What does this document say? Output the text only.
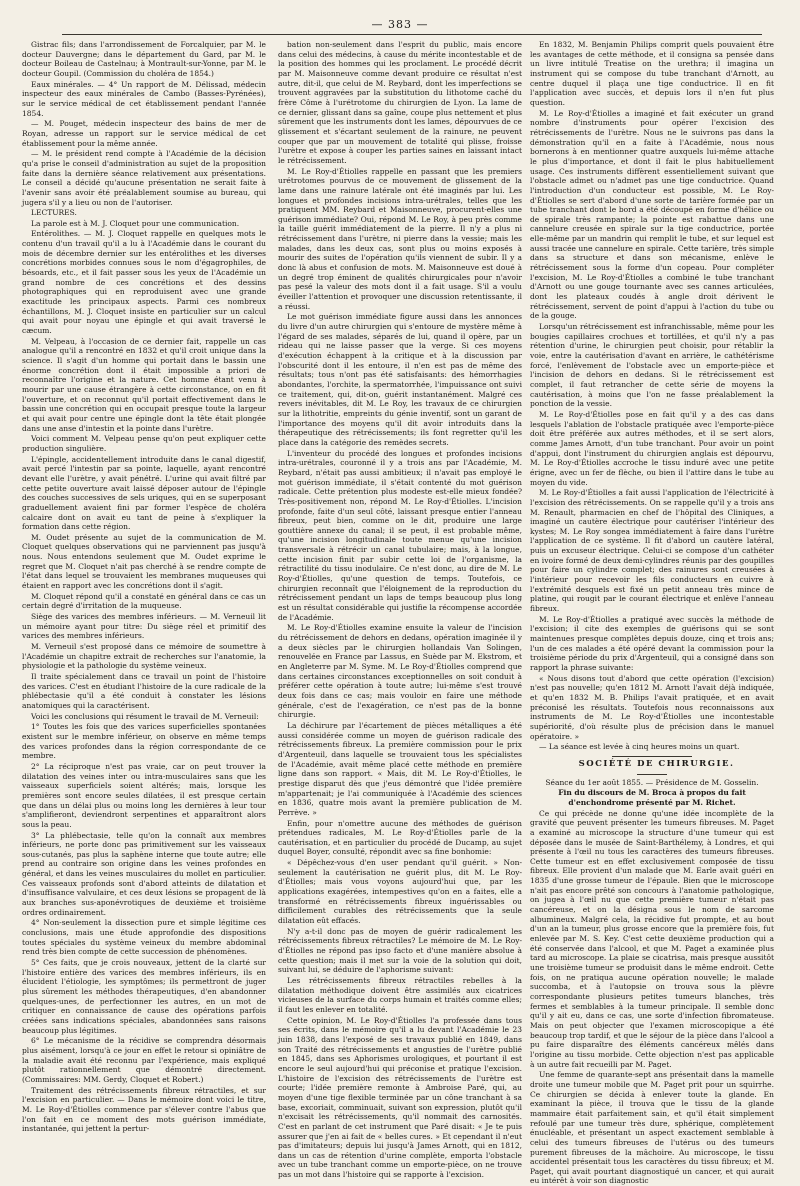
— 383 —

Gistrac fils; dans l'arrondissement de Forcalquier, par M. le docteur Dauvergne; dans le département du Gard, par M. le docteur Boileau de Castelnau; à Montrault-sur-Yonne, par M. le docteur Goupil. (Commission du choléra de 1854.)

Eaux minérales. — 4° Un rapport de M. Délissad, médecin inspecteur des eaux minérales de Cambo (Basses-Pyrénées), sur le service médical de cet établissement pendant l'année 1854.

— M. Pouget, médecin inspecteur des bains de mer de Royan, adresse un rapport sur le service médical de cet établissement pour la même année.

— M. le président rend compte à l'Académie de la décision qu'a prise le conseil d'administration au sujet de la proposition faite dans la dernière séance relativement aux présentations. Le conseil a décidé qu'aucune présentation ne serait faite à l'avenir sans avoir été préalablement soumise au bureau, qui jugera s'il y a lieu ou non de l'autoriser.

LECTURES.

La parole est à M. J. Cloquet pour une communication.

Entérolithes. — M. J. Cloquet rappelle en quelques mots le contenu d'un travail qu'il a lu à l'Académie dans le courant du mois de décembre dernier sur les entérolithes et les diverses concrétions morbides connues sous le nom d'égagrophiles, de bésoards, etc., et il fait passer sous les yeux de l'Académie un grand nombre de ces concrétions et des dessins photographiques qui en reproduisent avec une grande exactitude les principaux aspects. Parmi ces nombreux échantillons, M. J. Cloquet insiste en particulier sur un calcul qui avait pour noyau une épingle et qui avait traversé le cæcum.

M. Velpeau, à l'occasion de ce dernier fait, rappelle un cas analogue qu'il a rencontré en 1832 et qu'il croit unique dans la science. Il s'agit d'un homme qui portait dans le bassin une énorme concrétion dont il était impossible a priori de reconnaître l'origine et la nature. Cet homme étant venu à mourir par une cause étrangère à cette circonstance, on en fit l'ouverture, et on reconnut qu'il portait effectivement dans le bassin une concrétion qui en occupait presque toute la largeur et qui avait pour centre une épingle dont la tête était plongée dans une anse d'intestin et la pointe dans l'urètre.

Voici comment M. Velpeau pense qu'on peut expliquer cette production singulière.

L'épingle, accidentellement introduite dans le canal digestif, avait percé l'intestin par sa pointe, laquelle, ayant rencontré devant elle l'urètre, y avait pénétré. L'urine qui avait filtré par cette petite ouverture avait laissé déposer autour de l'épingle des couches successives de sels uriques, qui en se superposant graduellement avaient fini par former l'espèce de choléra calcaire dont on avait eu tant de peine à s'expliquer la formation dans cette région.

M. Oudet présente au sujet de la communication de M. Cloquet quelques observations qui ne parviennent pas jusqu'à nous. Nous entendons seulement que M. Oudet exprime le regret que M. Cloquet n'ait pas cherché à se rendre compte de l'état dans lequel se trouvaient les membranes muqueuses qui étaient en rapport avec les concrétions dont il s'agit.

M. Cloquet répond qu'il a constaté en général dans ce cas un certain degré d'irritation de la muqueuse.

Siège des varices des membres inférieurs. — M. Verneuil lit un mémoire ayant pour titre: Du siège réel et primitif des varices des membres inférieurs.

M. Verneuil s'est proposé dans ce mémoire de soumettre à l'Académie un chapitre extrait de recherches sur l'anatomie, la physiologie et la pathologie du système veineux.

Il traite spécialement dans ce travail un point de l'histoire des varices. C'est en étudiant l'histoire de la cure radicale de la phlébectasie qu'il a été conduit à constater les lésions anatomiques qui la caractérisent.

Voici les conclusions qui résument le travail de M. Verneuil:

1° Toutes les fois que des varices superficielles spontanées existent sur le membre inférieur, on observe en même temps des varices profondes dans la région correspondante de ce membre.

2° La réciproque n'est pas vraie, car on peut trouver la dilatation des veines inter ou intra-musculaires sans que les vaisseaux superficiels soient altérés; mais, lorsque les premières sont encore seules dilatées, il est presque certain que dans un délai plus ou moins long les dernières à leur tour s'amplifieront, deviendront serpentines et apparaîtront alors sous la peau.

3° La phlébectasie, telle qu'on la connaît aux membres inférieurs, ne porte donc pas primitivement sur les vaisseaux sous-cutanés, pas plus la saphène interne que toute autre; elle prend au contraire son origine dans les veines profondes en général, et dans les veines musculaires du mollet en particulier. Ces vaisseaux profonds sont d'abord atteints de dilatation et d'insuffisance valvulaire, et ces deux lésions se propagent de là aux branches sus-aponévrotiques de deuxième et troisième ordres ordinairement.

4° Non-seulement la dissection pure et simple légitime ces conclusions, mais une étude approfondie des dispositions toutes spéciales du système veineux du membre abdominal rend très bien compte de cette succession de phénomènes.

5° Ces faits, que je crois nouveaux, jettent de la clarté sur l'histoire entière des varices des membres inférieurs, ils en élucident l'étiologie, les symptômes; ils permettront de juger plus sûrement les méthodes thérapeutiques, d'en abandonner quelques-unes, de perfectionner les autres, en un mot de critiquer en connaissance de cause des opérations parfois créées sans indications spéciales, abandonnées sans raisons beaucoup plus légitimes.

6° Le mécanisme de la récidive se comprendra désormais plus aisément, lorsqu'à ce jour en effet le retour si opiniâtre de la maladie avait été reconnu par l'expérience, mais expliqué plutôt rationnellement que démontré directement. (Commissaires: MM. Gerdy, Cloquet et Robert.)

Traitement des rétrécissements fibreux rétractiles, et sur l'excision en particulier. — Dans le mémoire dont voici le titre, M. Le Roy-d'Étiolles commence par s'élever contre l'abus que l'on fait en ce moment des mots guérison immédiate, instantanée, qui jettent la pertur-

bation non-seulement dans l'esprit du public, mais encore dans celui des médecins, à cause du mérite incontestable et de la position des hommes qui les proclament. Le procédé décrit par M. Maisonneuve comme devant produire ce résultat n'est autre, dit-il, que celui de M. Reybard, dont les imperfections se trouvent aggravées par la substitution du lithotome caché du frère Côme à l'urétrotome du chirurgien de Lyon. La lame de ce dernier, glissant dans sa gaîne, coupe plus nettement et plus sûrement que les instruments dont les lames, dépourvues de ce glissement et s'écartant seulement de la rainure, ne peuvent couper que par un mouvement de totalité qui plisse, froisse l'urètre et expose à couper les parties saines en laissant intact le rétrécissement.

M. Le Roy-d'Étiolles rappelle en passant que les premiers urétrotomes pourvus de ce mouvement de glissement de la lame dans une rainure latérale ont été imaginés par lui. Les longues et profondes incisions intra-urétrales, telles que les pratiquent MM. Reybard et Maisonneuve, procurent-elles une guérison immédiate? Oui, répond M. Le Roy, à peu près comme la taille guérit immédiatement de la pierre. Il n'y a plus ni rétrécissement dans l'urètre, ni pierre dans la vessie; mais les malades, dans les deux cas, sont plus ou moins exposés à mourir des suites de l'opération qu'ils viennent de subir. Il y a donc là abus et confusion de mots. M. Maisonneuve est doué à un degré trop éminent de qualités chirurgicales pour n'avoir pas pesé la valeur des mots dont il a fait usage. S'il a voulu éveiller l'attention et provoquer une discussion retentissante, il a réussi.

Le mot guérison immédiate figure aussi dans les annonces du livre d'un autre chirurgien qui s'entoure de mystère même à l'égard de ses malades, séparés de lui, quand il opère, par un rideau qui ne laisse passer que la verge. Si ces moyens d'exécution échappent à la critique et à la discussion par l'obscurité dont il les entoure, il n'en est pas de même des résultats; tous n'ont pas été satisfaisants: des hémorrhagies abondantes, l'orchite, la spermatorrhée, l'impuissance ont suivi ce traitement, qui, dit-on, guérit instantanément. Malgré ces revers inévitables, dit M. Le Roy, les travaux de ce chirurgien sur la lithotritie, empreints du génie inventif, sont un garant de l'importance des moyens qu'il dit avoir introduits dans la thérapeutique des rétrécissements; ils font regretter qu'il les place dans la catégorie des remèdes secrets.

L'inventeur du procédé des longues et profondes incisions intra-urétrales, couronné il y a trois ans par l'Académie, M. Reybard, n'était pas aussi ambitieux; il n'avait pas employé le mot guérison immédiate, il s'était contenté du mot guérison radicale. Cette prétention plus modeste est-elle mieux fondée? Très-positivement non, répond M. Le Roy-d'Étiolles. L'incision profonde, faite d'un seul côté, laissant presque entier l'anneau fibreux, peut bien, comme on le dit, produire une large gouttière annexe du canal; il se peut, il est probable même, qu'une incision longitudinale toute menue qu'une incision transversale à rétrécir un canal tubulaire; mais, à la longue, cette incision finit par subir cette loi de l'organisme, la rétractilité du tissu inodulaire. Ce n'est donc, au dire de M. Le Roy-d'Étiolles, qu'une question de temps. Toutefois, ce chirurgien reconnaît que l'éloignement de la reproduction du rétrécissement pendant un laps de temps beaucoup plus long est un résultat considérable qui justifie la récompense accordée de l'Académie.

M. Le Roy-d'Étiolles examine ensuite la valeur de l'incision du rétrécissement de dehors en dedans, opération imaginée il y a deux siècles par le chirurgien hollandais Van Solingen, renouvelée en France par Lassus, en Suède par M. Ekstrom, et en Angleterre par M. Syme. M. Le Roy-d'Étiolles comprend que dans certaines circonstances exceptionnelles on soit conduit à préférer cette opération à toute autre; lui-même s'est trouvé deux fois dans ce cas; mais vouloir en faire une méthode générale, c'est de l'exagération, ce n'est pas de la bonne chirurgie.

La déchirure par l'écartement de pièces métalliques a été aussi considérée comme un moyen de guérison radicale des rétrécissements fibreux. La première commission pour le prix d'Argenteuil, dans laquelle se trouvaient tous les spécialistes de l'Académie, avait même placé cette méthode en première ligne dans son rapport. « Mais, dit M. Le Roy-d'Étiolles, le prestige disparut dès que j'eus démontré que l'idée première m'appartenait; je l'ai communiquée à l'Académie des sciences en 1836, quatre mois avant la première publication de M. Perrève. »

Enfin, pour n'omettre aucune des méthodes de guérison prétendues radicales, M. Le Roy-d'Étiolles parle de la cautérisation, et en particulier du procédé de Ducamp, au sujet duquel Boyer, consulté, répondit avec sa fine bonhomie:

« Dépêchez-vous d'en user pendant qu'il guérit. » Non-seulement la cautérisation ne guérit plus, dit M. Le Roy-d'Étiolles; mais vous voyons aujourd'hui que, par les applications exagérées, intempestives qu'on en a faites, elle a transformé en rétrécissements fibreux inguérissables ou difficilement curables des rétrécissements que la seule dilatation eût effacés.

N'y a-t-il donc pas de moyen de guérir radicalement les rétrécissements fibreux rétractiles? Le mémoire de M. Le Roy-d'Étiolles ne répond pas ipso facto et d'une manière absolue à cette question; mais il met sur la voie de la solution qui doit, suivant lui, se déduire de l'aphorisme suivant:

Les rétrécissements fibreux rétractiles rebelles à la dilatation méthodique doivent être assimilés aux cicatrices vicieuses de la surface du corps humain et traités comme elles; il faut les enlever en totalité.

Cette opinion, M. Le Roy-d'Étiolles l'a professée dans tous ses écrits, dans le mémoire qu'il a lu devant l'Académie le 23 juin 1838, dans l'exposé de ses travaux publié en 1849, dans son Traité des rétrécissements et angusties de l'urètre publié en 1845, dans ses Aphorismes urologiques, et pourtant il est encore le seul aujourd'hui qui préconise et pratique l'excision. L'histoire de l'excision des rétrécissements de l'urètre est courte; l'idée première remonte à Ambroise Paré, qui, au moyen d'une tige flexible terminée par un cône tranchant à sa base, excoriait, comminuait, suivant son expression, plutôt qu'il n'excisait les rétrécissements, qu'il nommait des carnosités. C'est en parlant de cet instrument que Paré disait: « Je te puis assurer que j'en ai fait de « belles cures. » Et cependant il n'eut pas d'imitateurs; depuis lui jusqu'à James Arnott, qui en 1812, dans un cas de rétention d'urine complète, emporta l'obstacle avec un tube tranchant comme un emporte-pièce, on ne trouve pas un mot dans l'histoire qui se rapporte à l'excision.

En 1832, M. Benjamin Philips comprit quels pouvaient être les avantages de cette méthode, et il consigna sa pensée dans un livre intitulé Treatise on the urethra; il imagina un instrument qui se compose du tube tranchant d'Arnott, au centre duquel il plaça une tige conductrice. Il en fit l'application avec succès, et depuis lors il n'en fut plus question.

M. Le Roy-d'Étiolles a imaginé et fait exécuter un grand nombre d'instruments pour opérer l'excision des rétrécissements de l'urètre. Nous ne le suivrons pas dans la démonstration qu'il en a faite à l'Académie, nous nous bornerons à en mentionner quatre auxquels lui-même attache le plus d'importance, et dont il fait le plus habituellement usage. Ces instruments diffèrent essentiellement suivant que l'obstacle admet ou n'admet pas une tige conductrice. Quand l'introduction d'un conducteur est possible, M. Le Roy-d'Étiolles se sert d'abord d'une sorte de tarière formée par un tube tranchant dont le bord a été découpé en forme d'hélice ou de spirale très rampante; la pointe est rabattue dans une cannelure creusée en spirale sur la tige conductrice, portée elle-même par un mandrin qui remplit le tube, et sur lequel est aussi tracée une cannelure en spirale. Cette tarière, très simple dans sa structure et dans son mécanisme, enlève le rétrécissement sous la forme d'un copeau. Pour compléter l'excision, M. Le Roy-d'Étiolles a combiné le tube tranchant d'Arnott ou une gouge tournante avec ses cannes articulées, dont les plateaux coudés à angle droit dérivent le rétrécissement, servent de point d'appui à l'action du tube ou de la gouge.

Lorsqu'un rétrécissement est infranchissable, même pour les bougies capillaires crochues et tortillées, et qu'il n'y a pas rétention d'urine, le chirurgien peut choisir, pour rétablir la voie, entre la cautérisation d'avant en arrière, le cathétérisme forcé, l'enlèvement de l'obstacle avec un emporte-pièce et l'incision de dehors en dedans. Si le rétrécissement est complet, il faut retrancher de cette série de moyens la cautérisation, à moins que l'on ne fasse préalablement la ponction de la vessie.

M. Le Roy-d'Étiolles pose en fait qu'il y a des cas dans lesquels l'ablation de l'obstacle pratiquée avec l'emporte-pièce doit être préférée aux autres méthodes, et il se sert alors, comme James Arnott, d'un tube tranchant. Pour avoir un point d'appui, dont l'instrument du chirurgien anglais est dépourvu, M. Le Roy-d'Étiolles accroche le tissu induré avec une petite érigne, avec un fer de flèche, ou bien il l'attire dans le tube au moyen du vide.

M. Le Roy-d'Étiolles a fait aussi l'application de l'électricité à l'excision des rétrécissements. On se rappelle qu'il y a trois ans M. Renault, pharmacien en chef de l'hôpital des Cliniques, a imaginé un cautère électrique pour cautériser l'intérieur des kystes; M. Le Roy songea immédiatement à faire dans l'urètre l'application de ce système. Il fit d'abord un cautère latéral, puis un excuseur électrique. Celui-ci se compose d'un cathéter en ivoire formé de deux demi-cylindres réunis par des goupilles pour faire un cylindre complet; des rainures sont creusées à l'intérieur pour recevoir les fils conducteurs en cuivre à l'extrémité desquels est fixé un petit anneau très mince de platine, qui rougit par le courant électrique et enlève l'anneau fibreux.

M. Le Roy-d'Étiolles a pratiqué avec succès la méthode de l'excision; il cite des exemples de guérisons qui se sont maintenues presque complètes depuis douze, cinq et trois ans; l'un de ces malades a été opéré devant la commission pour la troisième période du prix d'Argenteuil, qui a consigné dans son rapport la phrase suivante:

« Nous disons tout d'abord que cette opération (l'excision) n'est pas nouvelle; qu'en 1812 M. Arnott l'avait déjà indiquée, et qu'en 1832 M. B. Philips l'avait pratiquée, et en avait préconisé les résultats. Toutefois nous reconnaissons aux instruments de M. Le Roy-d'Étiolles une incontestable supériorité, d'où résulte plus de précision dans le manuel opératoire. »

— La séance est levée à cinq heures moins un quart.

SOCIÉTÉ DE CHIRURGIE.

Séance du 1er août 1855. — Présidence de M. Gosselin.

Fin du discours de M. Broca à propos du fait d'enchondrome présenté par M. Richet.

Ce qui précède ne donne qu'une idée incomplète de la gravité que peuvent présenter les tumeurs fibreuses. M. Paget a examiné au microscope la structure d'une tumeur qui est déposée dans le musée de Saint-Barthélemy, à Londres, et qui présente à l'œil nu tous les caractères des tumeurs fibreuses. Cette tumeur est en effet exclusivement composée de tissu fibreux. Elle provient d'un malade que M. Earle avait guéri en 1835 d'une grosse tumeur de l'épaule. Bien que le microscope n'ait pas encore prêté son concours à l'anatomie pathologique, on jugea à l'œil nu que cette première tumeur n'était pas cancéreuse, et on la désigna sous le nom de sarcome albumineux. Malgré cela, la récidive fut prompte, et au bout d'un an la tumeur, plus grosse encore que la première fois, fut enlevée par M. S. Key. C'est cette deuxième production qui a été conservée dans l'alcool, et que M. Paget a examinée plus tard au microscope. La plaie se cicatrisa, mais presque aussitôt une troisième tumeur se produisit dans le même endroit. Cette fois, on ne pratiqua aucune opération nouvelle; le malade succomba, et à l'autopsie on trouva sous la plèvre correspondante plusieurs petites tumeurs blanches, très fermes et semblables à la tumeur principale. Il semble donc qu'il y ait eu, dans ce cas, une sorte d'infection fibromateuse. Mais on peut objecter que l'examen microscopique a été beaucoup trop tardif, et que le séjour de la pièce dans l'alcool a pu faire disparaître des éléments cancéreux mêlés dans l'origine au tissu morbide. Cette objection n'est pas applicable à un autre fait recueilli par M. Paget.

Une femme de quarante-sept ans présentait dans la mamelle droite une tumeur mobile que M. Paget prit pour un squirrhe. Ce chirurgien se décida à enlever toute la glande. En examinant la pièce, il trouva que le tissu de la glande mammaire était parfaitement sain, et qu'il était simplement refoulé par une tumeur très dure, sphérique, complètement énucléable, et présentant un aspect exactement semblable à celui des tumeurs fibreuses de l'utérus ou des tumeurs purement fibreuses de la mâchoire. Au microscope, le tissu accidentel présentait tous les caractères du tissu fibreux; et M. Paget, qui avait pourtant diagnostiqué un cancer, et qui aurait eu intérêt à voir son diagnostic
